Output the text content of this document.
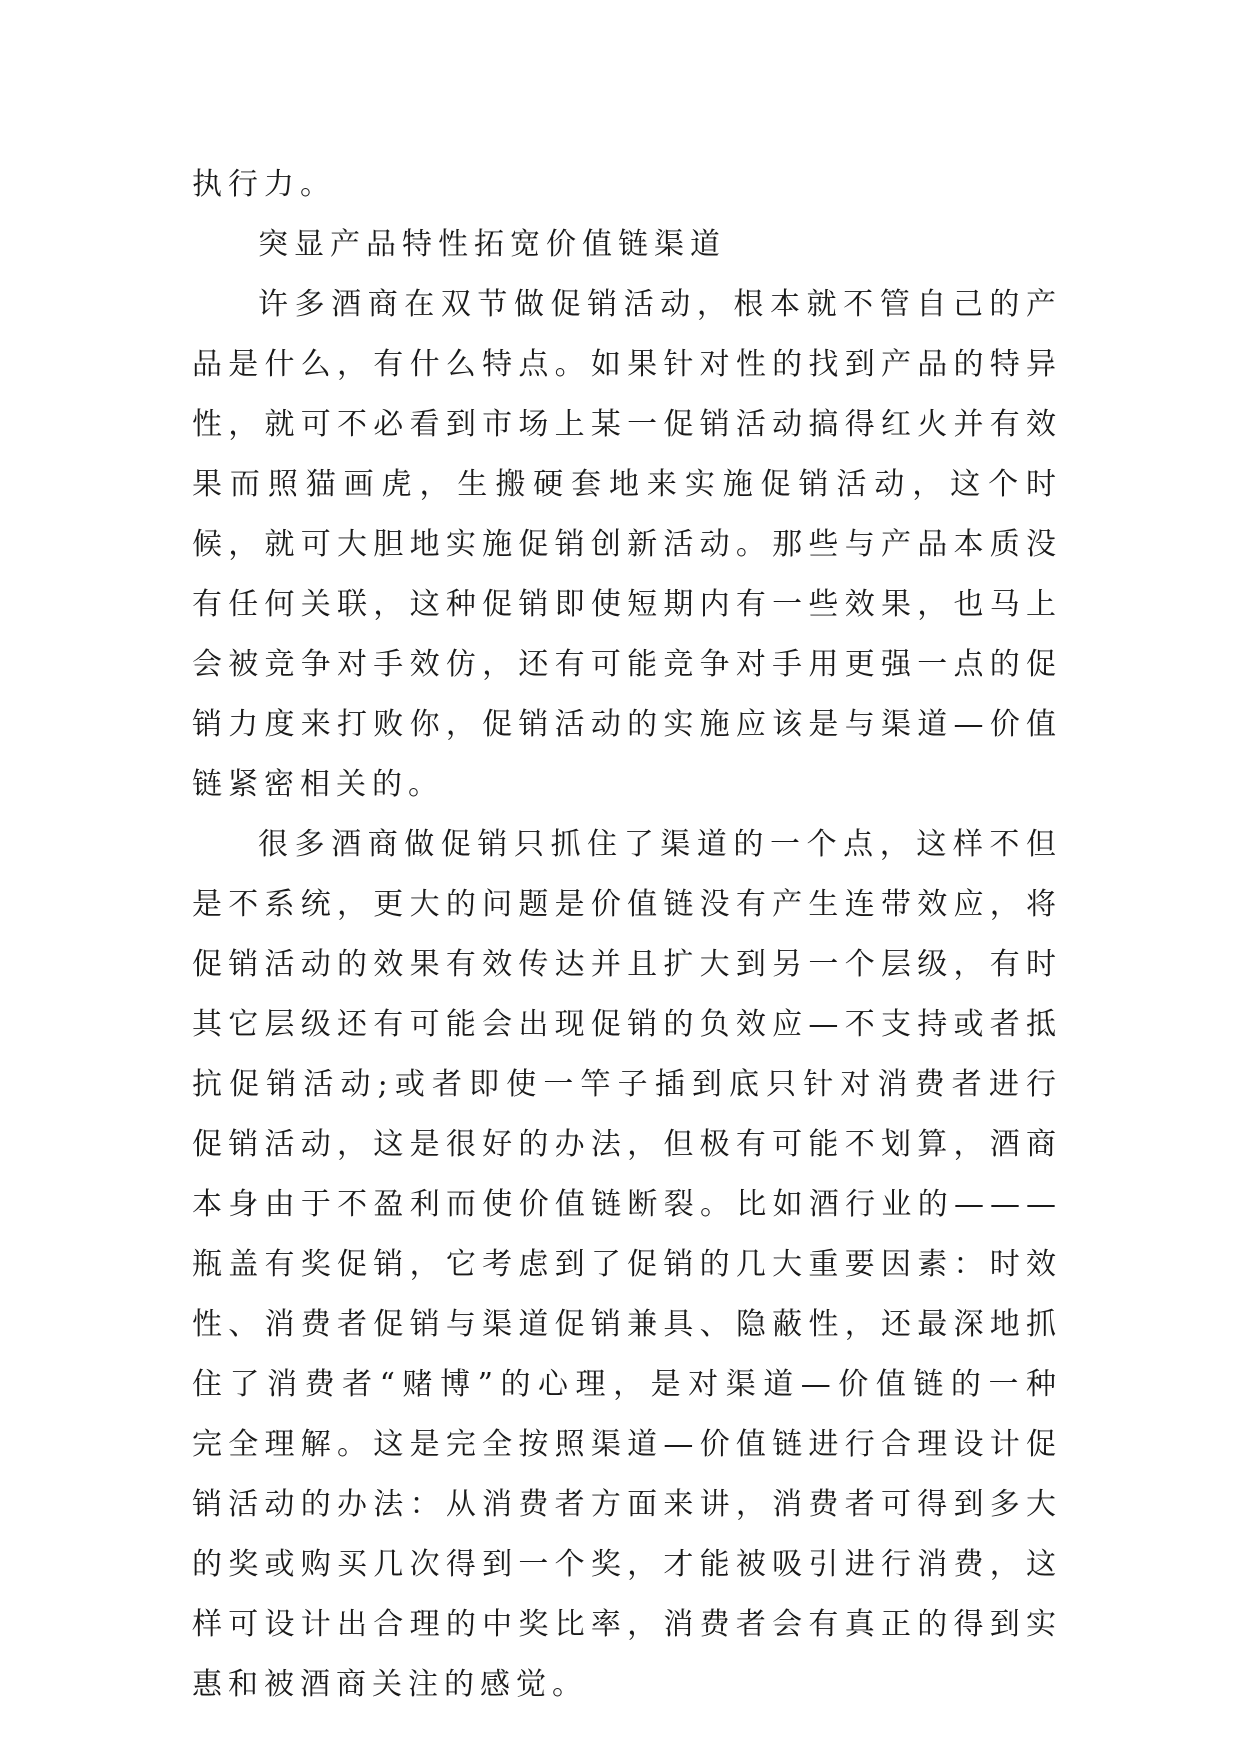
执行力。

突显产品特性拓宽价值链渠道

许多酒商在双节做促销活动，根本就不管自己的产品是什么，有什么特点。如果针对性的找到产品的特异性，就可不必看到市场上某一促销活动搞得红火并有效果而照猫画虎，生搬硬套地来实施促销活动，这个时候，就可大胆地实施促销创新活动。那些与产品本质没有任何关联，这种促销即使短期内有一些效果，也马上会被竞争对手效仿，还有可能竞争对手用更强一点的促销力度来打败你，促销活动的实施应该是与渠道—价值链紧密相关的。

很多酒商做促销只抓住了渠道的一个点，这样不但是不系统，更大的问题是价值链没有产生连带效应，将促销活动的效果有效传达并且扩大到另一个层级，有时其它层级还有可能会出现促销的负效应—不支持或者抵抗促销活动;或者即使一竿子插到底只针对消费者进行促销活动，这是很好的办法，但极有可能不划算，酒商本身由于不盈利而使价值链断裂。比如酒行业的———瓶盖有奖促销，它考虑到了促销的几大重要因素：时效性、消费者促销与渠道促销兼具、隐蔽性，还最深地抓住了消费者“赌博”的心理，是对渠道—价值链的一种完全理解。这是完全按照渠道—价值链进行合理设计促销活动的办法：从消费者方面来讲，消费者可得到多大的奖或购买几次得到一个奖，才能被吸引进行消费，这样可设计出合理的中奖比率，消费者会有真正的得到实惠和被酒商关注的感觉。
